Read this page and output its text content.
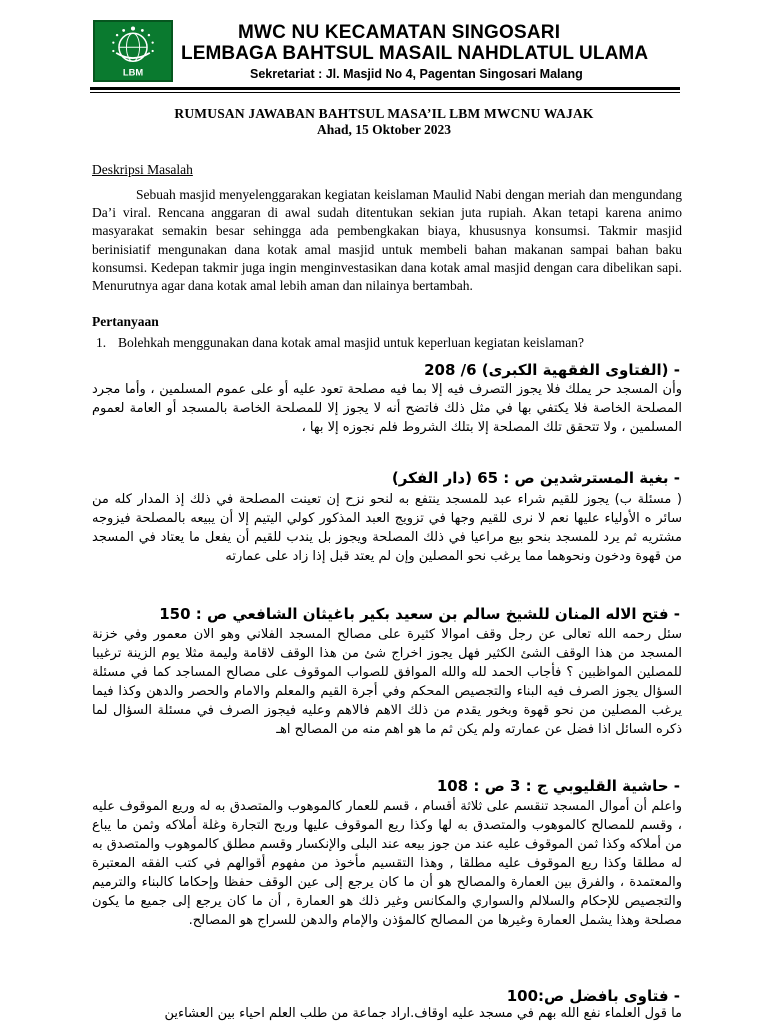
LBM
MWC NU KECAMATAN SINGOSARI
LEMBAGA BAHTSUL MASAIL NAHDLATUL ULAMA
Sekretariat : Jl. Masjid No 4, Pagentan Singosari Malang
RUMUSAN JAWABAN BAHTSUL MASA’IL LBM MWCNU WAJAK
Ahad, 15 Oktober 2023
Deskripsi Masalah
Sebuah masjid menyelenggarakan kegiatan keislaman Maulid Nabi dengan meriah dan mengundang Da’i viral. Rencana anggaran di awal sudah ditentukan sekian juta rupiah. Akan tetapi karena animo masyarakat semakin besar sehingga ada pembengkakan biaya, khususnya konsumsi. Takmir masjid berinisiatif mengunakan dana kotak amal masjid untuk membeli bahan makanan sampai bahan baku konsumsi. Kedepan takmir juga ingin menginvestasikan dana kotak amal masjid dengan cara dibelikan sapi. Menurutnya agar dana kotak amal lebih aman dan nilainya bertambah.
Pertanyaan
1. Bolehkah menggunakan dana kotak amal masjid untuk keperluan kegiatan keislaman?
- (الفتاوى الفقهية الكبرى) 6/ 208
وأن المسجد حر يملك فلا يجوز التصرف فيه إلا بما فيه مصلحة تعود عليه أو على عموم المسلمين ، وأما مجرد المصلحة الخاصة فلا يكتفي بها في مثل ذلك فاتضح أنه لا يجوز إلا للمصلحة الخاصة بالمسجد أو العامة لعموم المسلمين ، ولا تتحقق تلك المصلحة إلا بتلك الشروط فلم نجوزه إلا بها ،
- بغية المسترشدين ص : 65 (دار الفكر)
( مسئلة ب) يجوز للقيم شراء عبد للمسجد ينتفع به لنحو نزح إن تعينت المصلحة في ذلك إذ المدار كله من سائر ه الأولياء عليها نعم لا نرى للقيم وجها في تزويج العبد المذكور كولي اليتيم إلا أن يبيعه بالمصلحة فيزوجه مشتريه ثم يرد للمسجد بنحو بيع مراعيا في ذلك المصلحة ويجوز بل يندب للقيم أن يفعل ما يعتاد في المسجد من قهوة ودخون ونحوهما مما يرغب نحو المصلين وإن لم يعتد قبل إذا زاد على عمارته
- فتح الاله المنان للشيخ سالم بن سعيد بكير باغيثان الشافعي ص : 150
سئل رحمه الله تعالى عن رجل وقف اموالا كثيرة على مصالح المسجد الفلاني وهو الان معمور وفي خزنة المسجد من هذا الوقف الشئ الكثير فهل يجوز اخراج شئ من هذا الوقف لاقامة وليمة مثلا يوم الزينة ترغيبا للمصلين المواظبين ؟ فأجاب الحمد لله والله الموافق للصواب الموقوف على مصالح المساجد كما في مسئلة السؤال يجوز الصرف فيه البناء والتجصيص المحكم وفي أجرة القيم والمعلم والامام والحصر والدهن وكذا فيما يرغب المصلين من نحو قهوة وبخور يقدم من ذلك الاهم فالاهم وعليه فيجوز الصرف في مسئلة السؤال لما ذكره السائل اذا فضل عن عمارته ولم يكن ثم ما هو اهم منه من المصالح اهـ
- حاشية القليوبي ج : 3 ص : 108
واعلم أن أموال المسجد تنقسم على ثلاثة أقسام ، قسم للعمار كالموهوب والمتصدق به له وريع الموقوف عليه ، وقسم للمصالح كالموهوب والمتصدق به لها وكذا ريع الموقوف عليها وربح التجارة وغلة أملاكه وثمن ما يباع من أملاكه وكذا ثمن الموقوف عليه عند من جوز بيعه عند البلى والإنكسار وقسم مطلق كالموهوب والمتصدق به له مطلقا وكذا ريع الموقوف عليه مطلقا , وهذا التقسيم مأخوذ من مفهوم أقوالهم في كتب الفقه المعتبرة والمعتمدة ، والفرق بين العمارة والمصالح هو أن ما كان يرجع إلى عين الوقف حفظا وإحكاما كالبناء والترميم والتجصيص للإحكام والسلالم والسواري والمكانس وغير ذلك هو العمارة , أن ما كان يرجع إلى جميع ما يكون مصلحة وهذا يشمل العمارة وغيرها من المصالح كالمؤذن والإمام والدهن للسراج هو المصالح.
- فتاوى بافضل ص:100
ما قول العلماء نفع الله بهم في مسجد عليه اوقاف.اراد جماعة من طلب العلم احياء بين العشاءين
